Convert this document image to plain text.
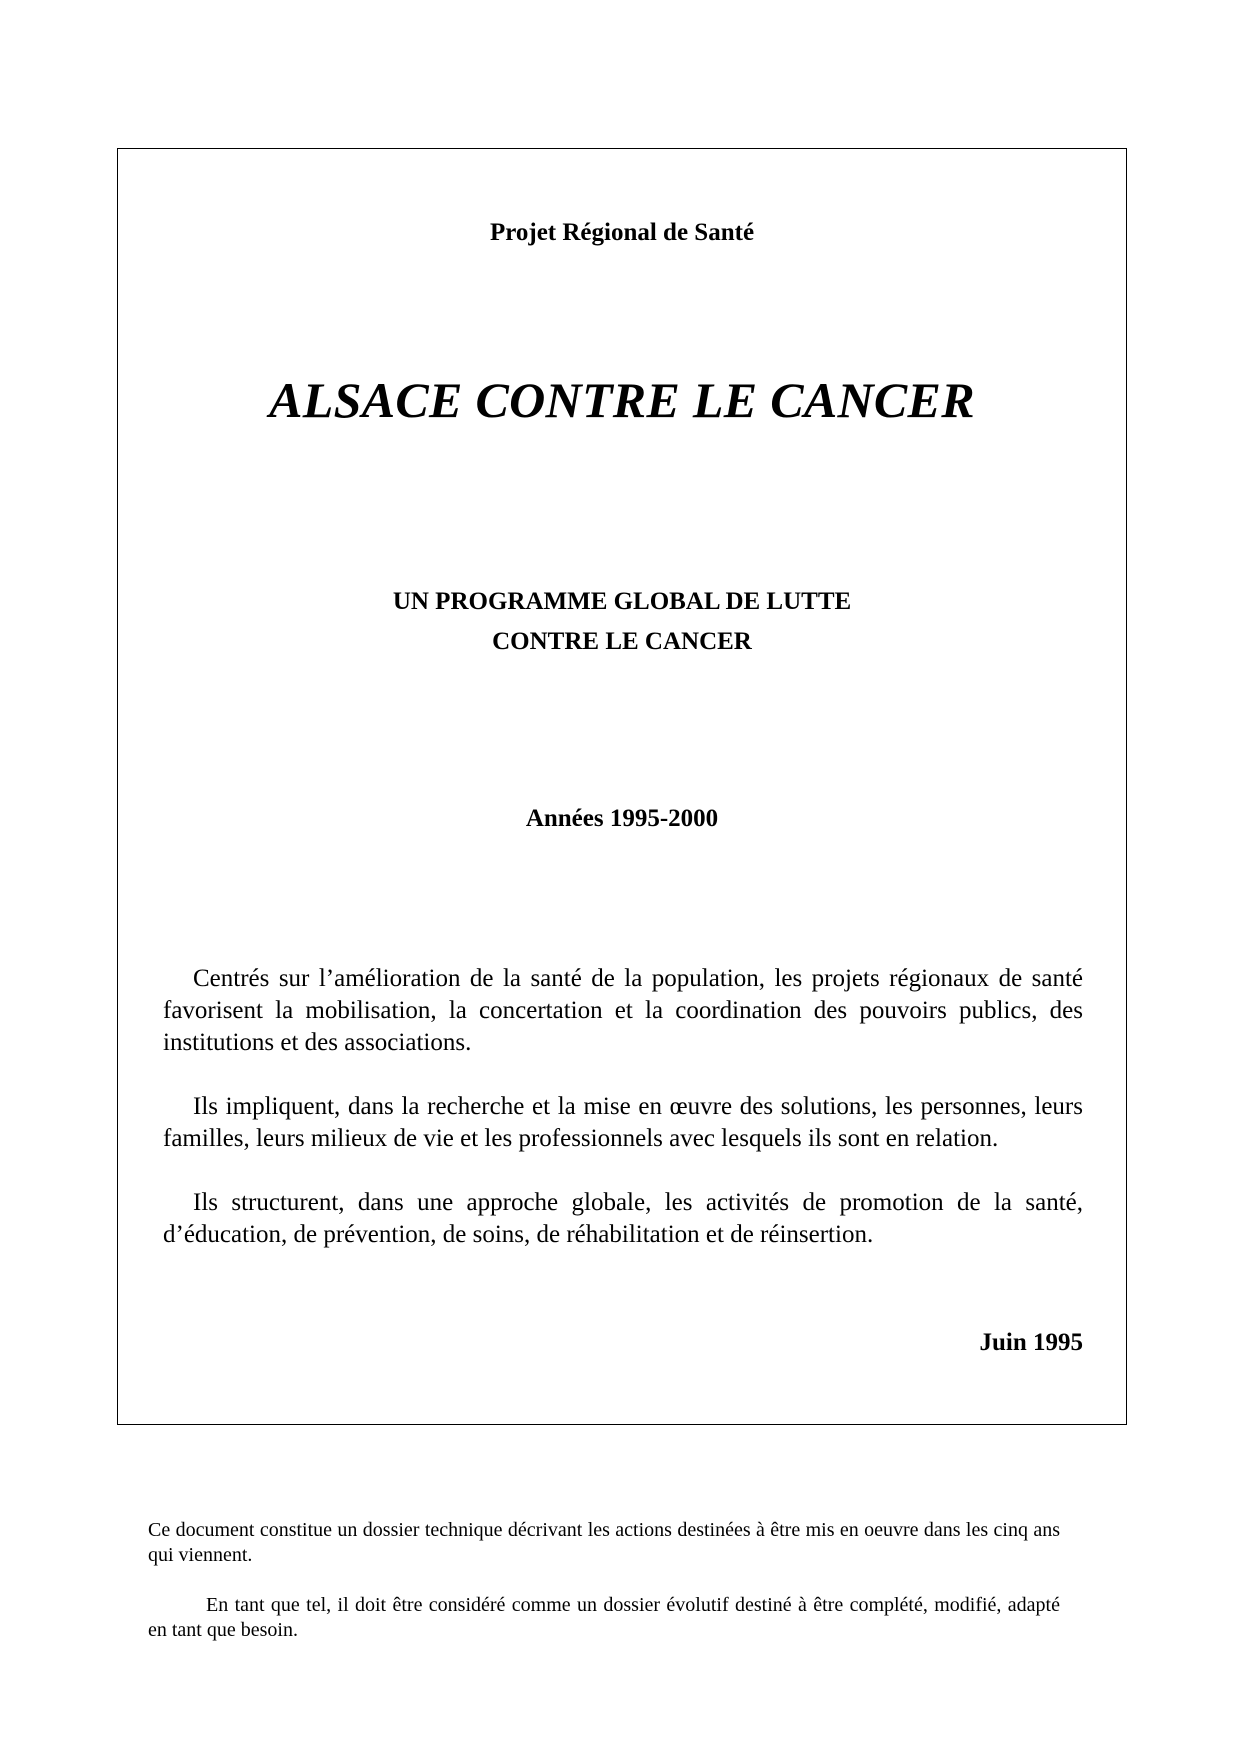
Projet Régional de Santé
ALSACE CONTRE LE CANCER
UN PROGRAMME GLOBAL DE LUTTE
CONTRE LE CANCER
Années 1995-2000

Centrés sur l’amélioration de la santé de la population, les projets régionaux de santé favorisent la mobilisation, la concertation et la coordination des pouvoirs publics, des institutions et des associations.

Ils impliquent, dans la recherche et la mise en œuvre des solutions, les personnes, leurs familles, leurs milieux de vie et les professionnels avec lesquels ils sont en relation.

Ils structurent, dans une approche globale, les activités de promotion de la santé, d’éducation, de prévention, de soins, de réhabilitation et de réinsertion.

Juin 1995

Ce document constitue un dossier technique décrivant les actions destinées à être mis en oeuvre dans les cinq ans qui viennent.

En tant que tel, il doit être considéré comme un dossier évolutif destiné à être complété, modifié, adapté en tant que besoin.
